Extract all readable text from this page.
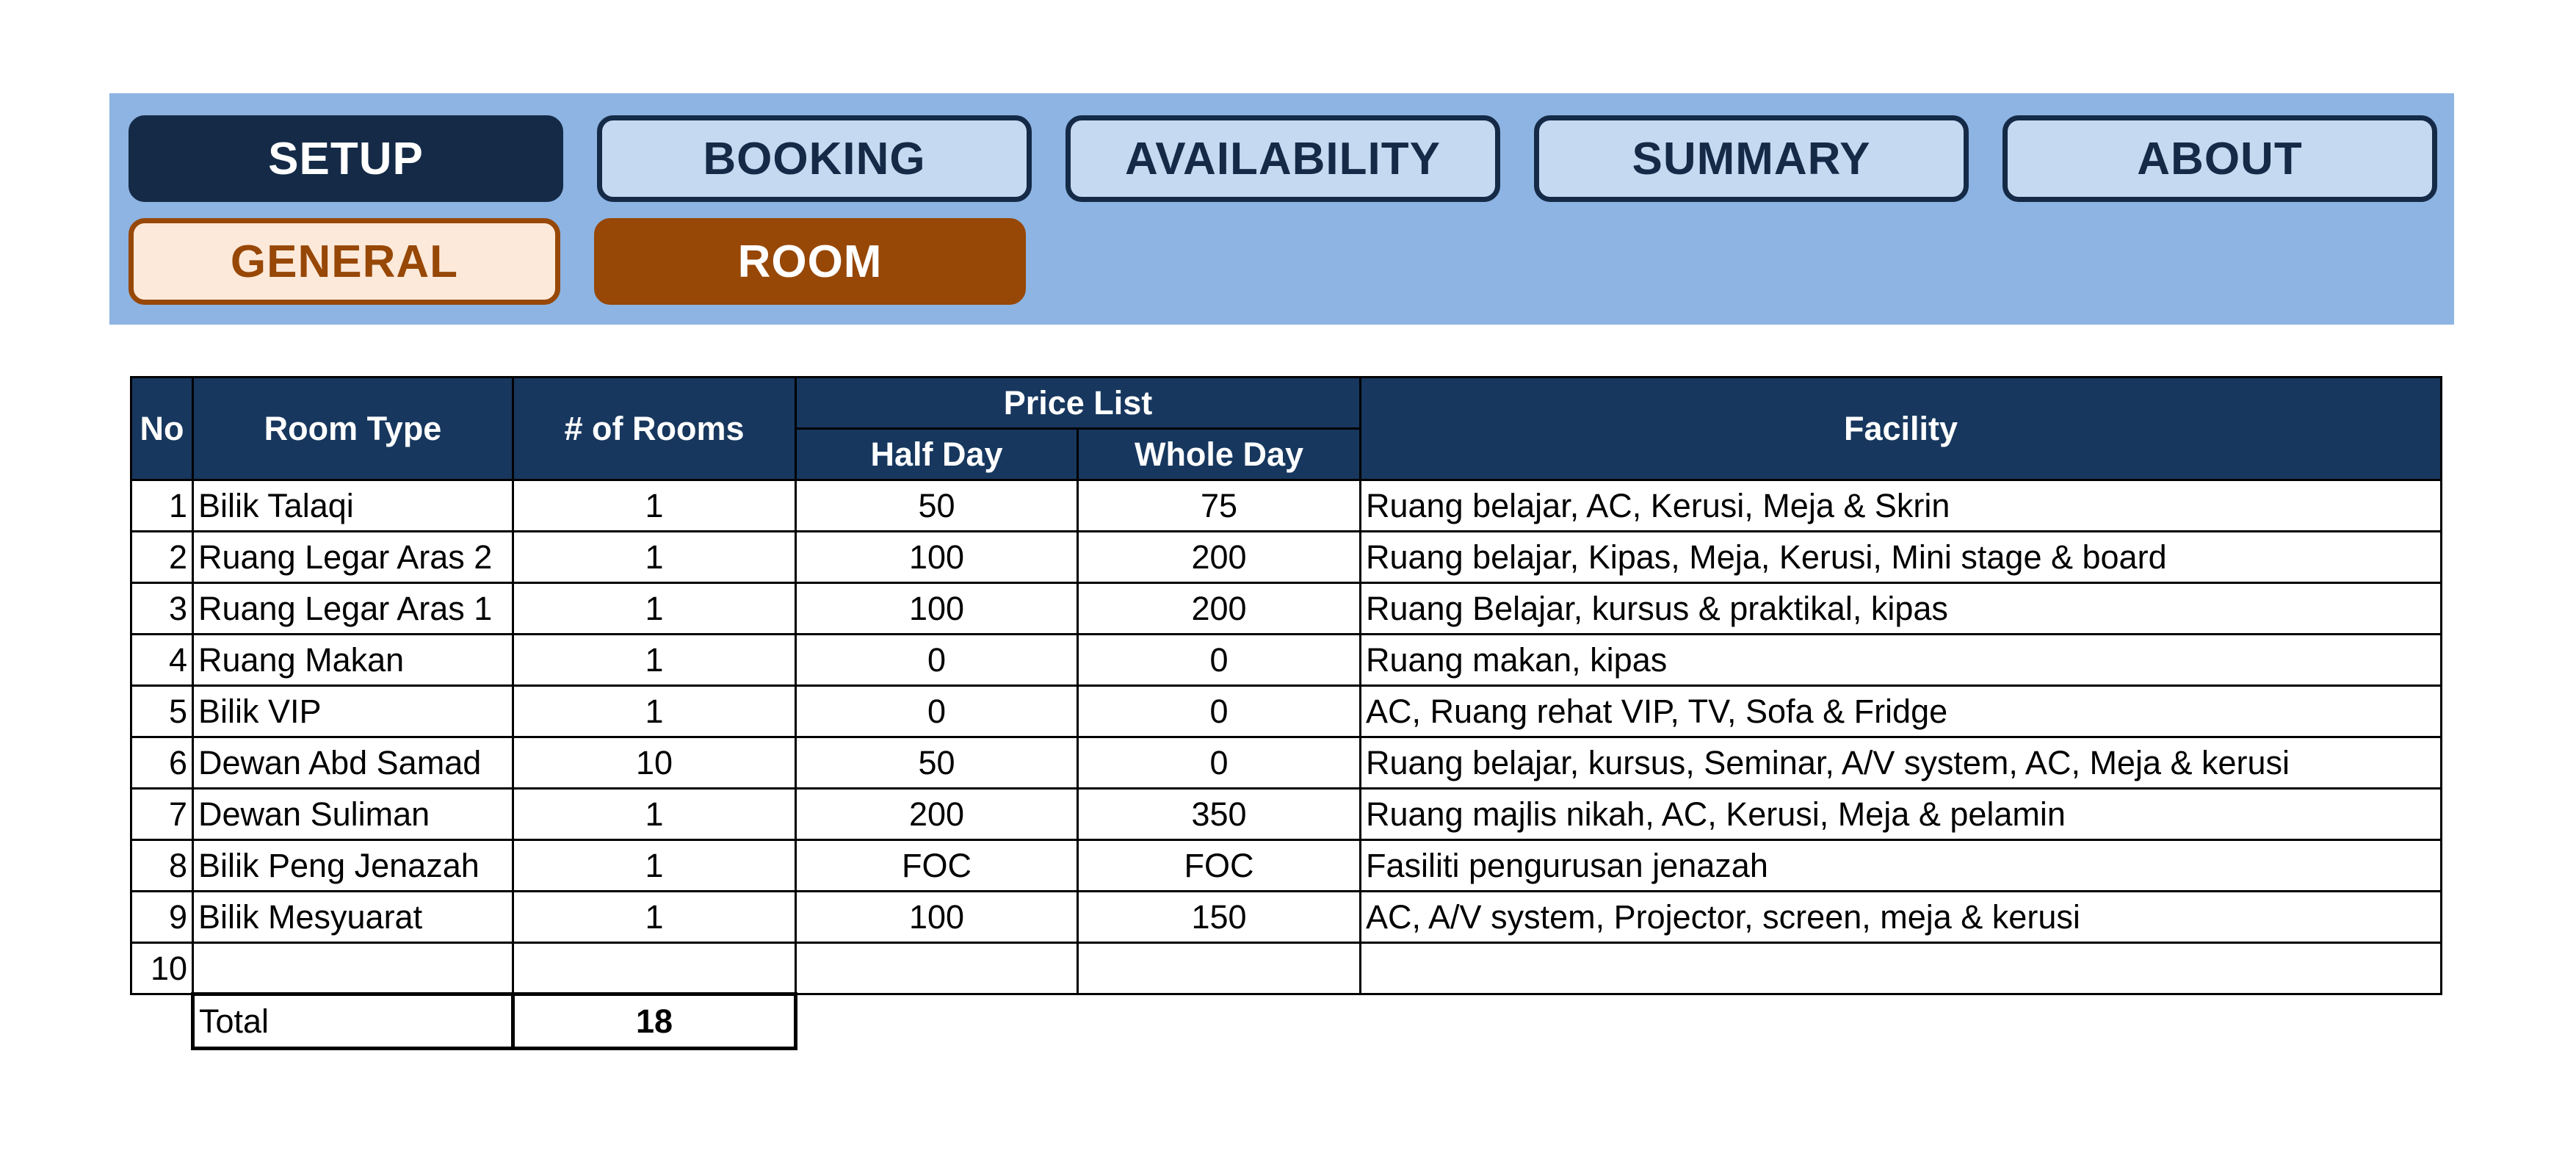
SETUP	BOOKING	AVAILABILITY	SUMMARY	ABOUT
GENERAL	ROOM
No	Room Type	# of Rooms	Price List		Facility
			Half Day	Whole Day	
1	Bilik Talaqi	1	50	75	Ruang belajar, AC, Kerusi, Meja & Skrin
2	Ruang Legar Aras 2	1	100	200	Ruang belajar, Kipas, Meja, Kerusi, Mini stage & board
3	Ruang Legar Aras 1	1	100	200	Ruang Belajar, kursus & praktikal, kipas
4	Ruang Makan	1	0	0	Ruang makan, kipas
5	Bilik VIP	1	0	0	AC, Ruang rehat VIP, TV, Sofa & Fridge
6	Dewan Abd Samad	10	50	0	Ruang belajar, kursus, Seminar, A/V system, AC, Meja & kerusi
7	Dewan Suliman	1	200	350	Ruang majlis nikah, AC, Kerusi, Meja & pelamin
8	Bilik Peng Jenazah	1	FOC	FOC	Fasiliti pengurusan jenazah
9	Bilik Mesyuarat	1	100	150	AC, A/V system, Projector, screen, meja & kerusi
10					
	Total	18			
